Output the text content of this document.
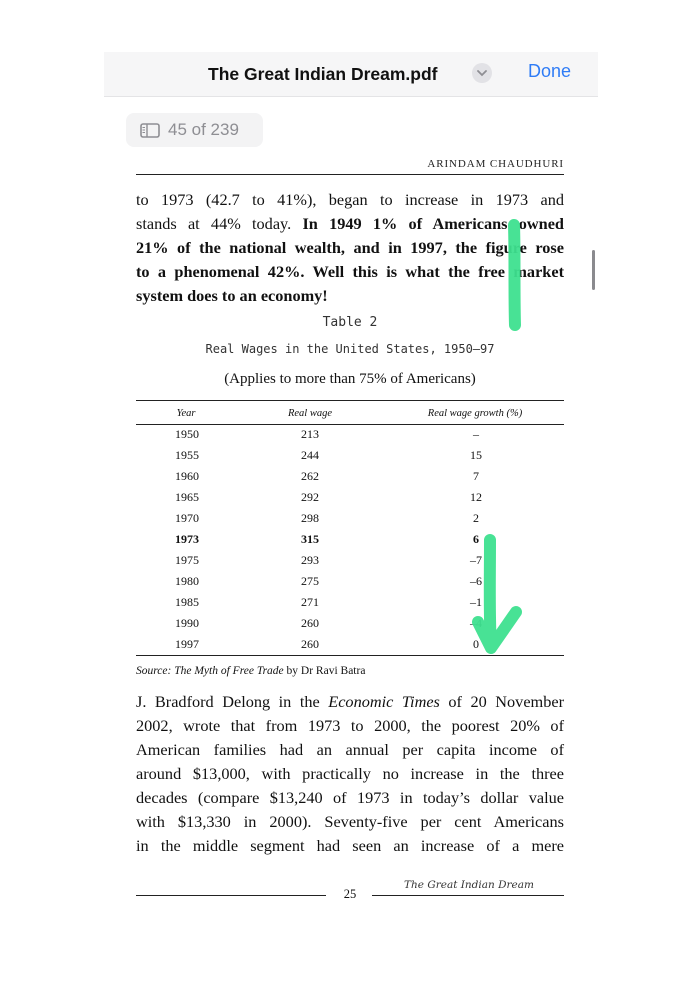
The Great Indian Dream.pdf	Done
45 of 239
ARINDAM CHAUDHURI
to 1973 (42.7 to 41%), began to increase in 1973 and
stands at 44% today. In 1949 1% of Americans owned
21% of the national wealth, and in 1997, the figure rose
to a phenomenal 42%. Well this is what the free market
system does to an economy!
Table 2
Real Wages in the United States, 1950–97
(Applies to more than 75% of Americans)
Year	Real wage	Real wage growth (%)
1950	213	–
1955	244	15
1960	262	7
1965	292	12
1970	298	2
1973	315	6
1975	293	–7
1980	275	–6
1985	271	–1
1990	260	–4
1997	260	0
Source: The Myth of Free Trade by Dr Ravi Batra
J. Bradford Delong in the Economic Times of 20 November
2002, wrote that from 1973 to 2000, the poorest 20% of
American families had an annual per capita income of
around $13,000, with practically no increase in the three
decades (compare $13,240 of 1973 in today’s dollar value
with $13,330 in 2000). Seventy-five per cent Americans
in the middle segment had seen an increase of a mere
25
The Great Indian Dream
